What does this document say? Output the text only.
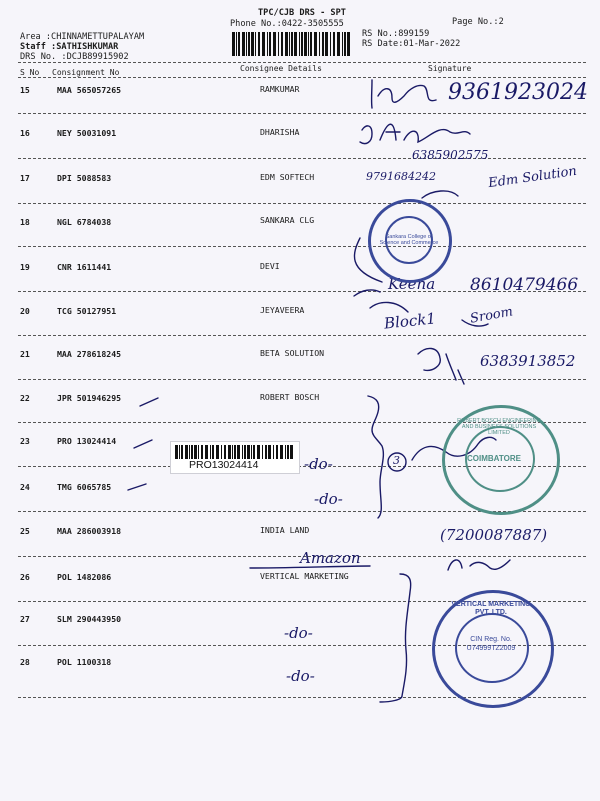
TPC/CJB DRS - SPT
Phone No.:0422-3505555	Page No.:2
Area :CHINNAMETTUPALAYAM
Staff :SATHISHKUMAR
DRS No. :DCJB89915902
RS No.:899159
RS Date:01-Mar-2022
S No Consignment No	Consignee Details	Signature
15	MAA 565057265	RAMKUMAR
16	NEY 50031091	DHARISHA
17	DPI 5088583	EDM SOFTECH
18	NGL 6784038	SANKARA CLG
19	CNR 1611441	DEVI
20	TCG 50127951	JEYAVEERA
21	MAA 278618245	BETA SOLUTION
22	JPR 501946295	ROBERT BOSCH
23	PRO 13024414
24	TMG 6065785
25	MAA 286003918	INDIA LAND
26	POL 1482086	VERTICAL MARKETING
27	SLM 290443950
28	POL 1100318
PRO13024414
9361923024
6385902575
9791684242	Edm Solution
Keena 8610479466
Block1 Sroom
6383913852
(7200087887)
Amazon
3
-do-
-do-
-do-
-do-
Sankara College of Science and Commerce
ROBERT BOSCH ENGINEERING AND BUSINESS SOLUTIONS LIMITED
COIMBATORE
VERTICAL MARKETING PVT. LTD.
CIN Reg. No. U74999TZ2009
